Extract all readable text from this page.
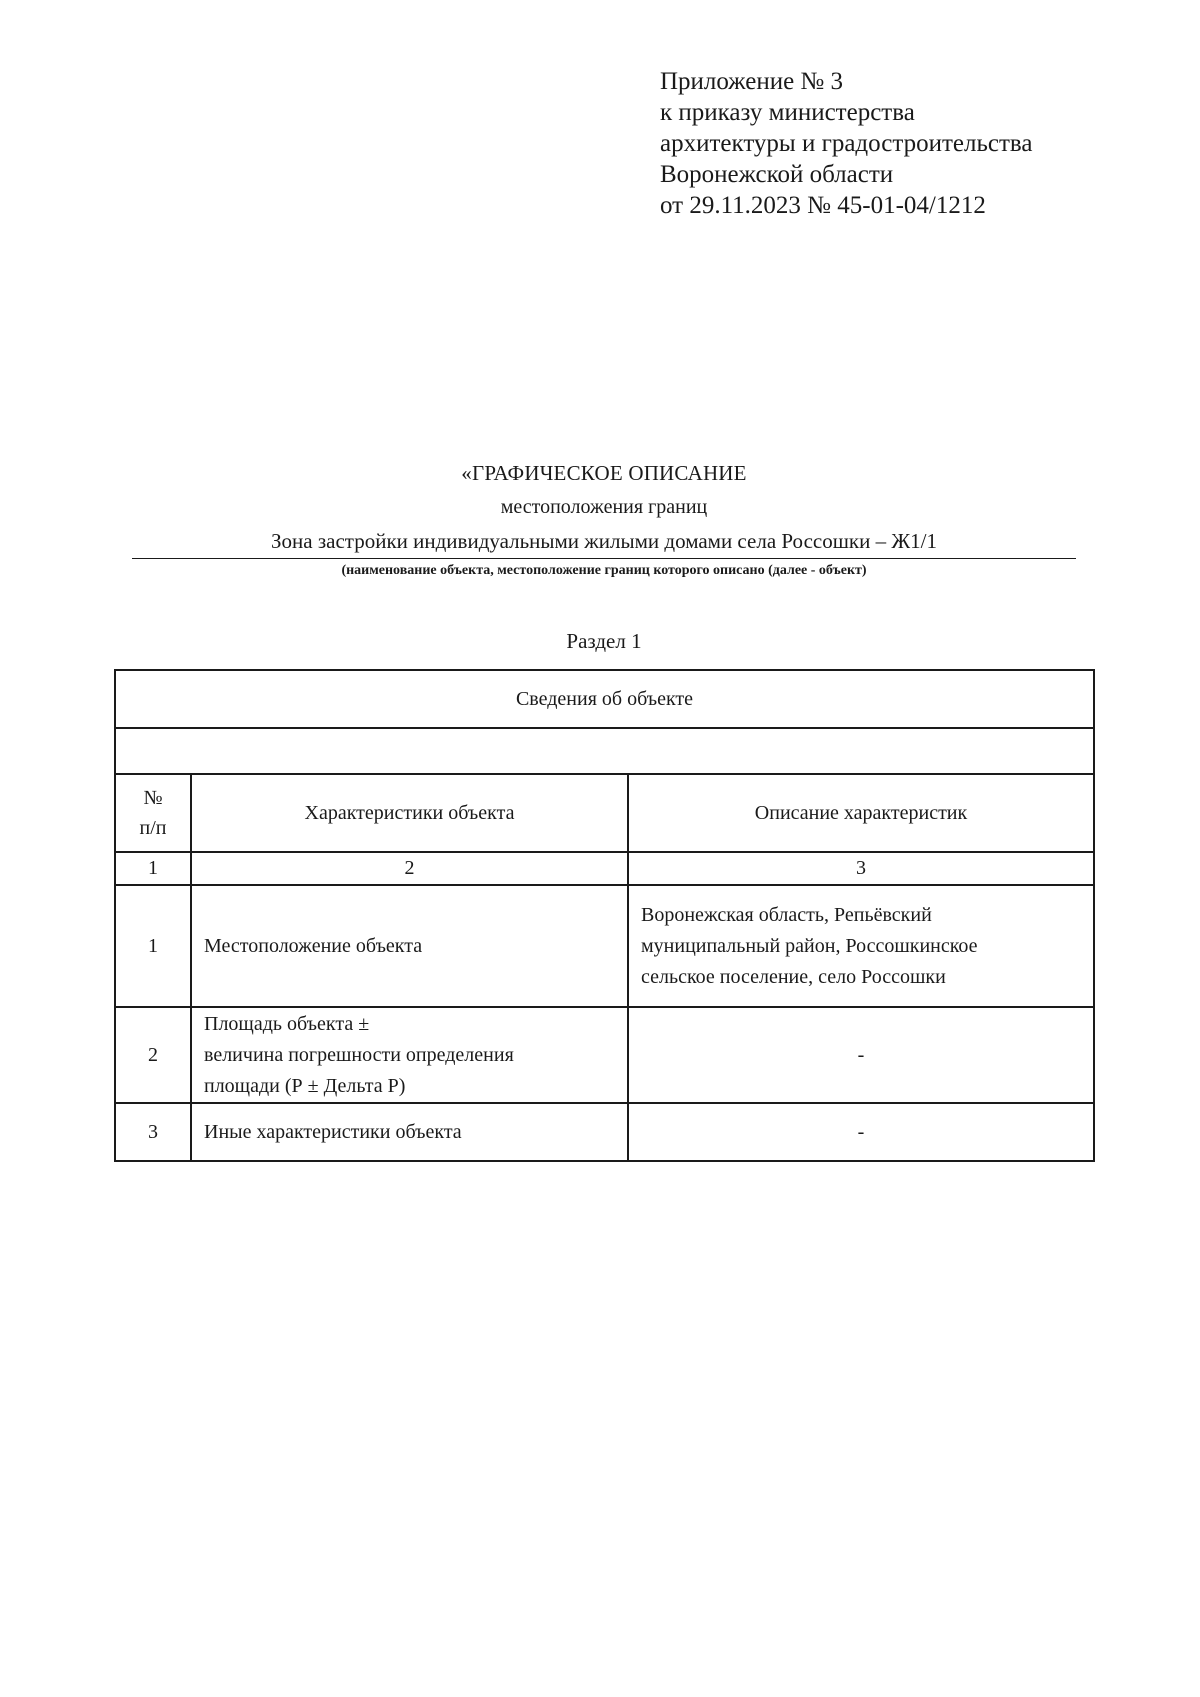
Приложение № 3
к приказу министерства
архитектуры и градостроительства
Воронежской области
от 29.11.2023 № 45-01-04/1212
«ГРАФИЧЕСКОЕ ОПИСАНИЕ
местоположения границ
Зона застройки индивидуальными жилыми домами села Россошки – Ж1/1
(наименование объекта, местоположение границ которого описано (далее - объект)
Раздел 1
Сведения об объекте		

№
п/п	Характеристики объекта	Описание характеристик
1	2	3
1	Местоположение объекта	Воронежская область, Репьёвский
муниципальный район, Россошкинское
сельское поселение, село Россошки

2	Площадь объекта ±
величина погрешности определения
площади (Р ± Дельта Р)	-
3	Иные характеристики объекта	-
